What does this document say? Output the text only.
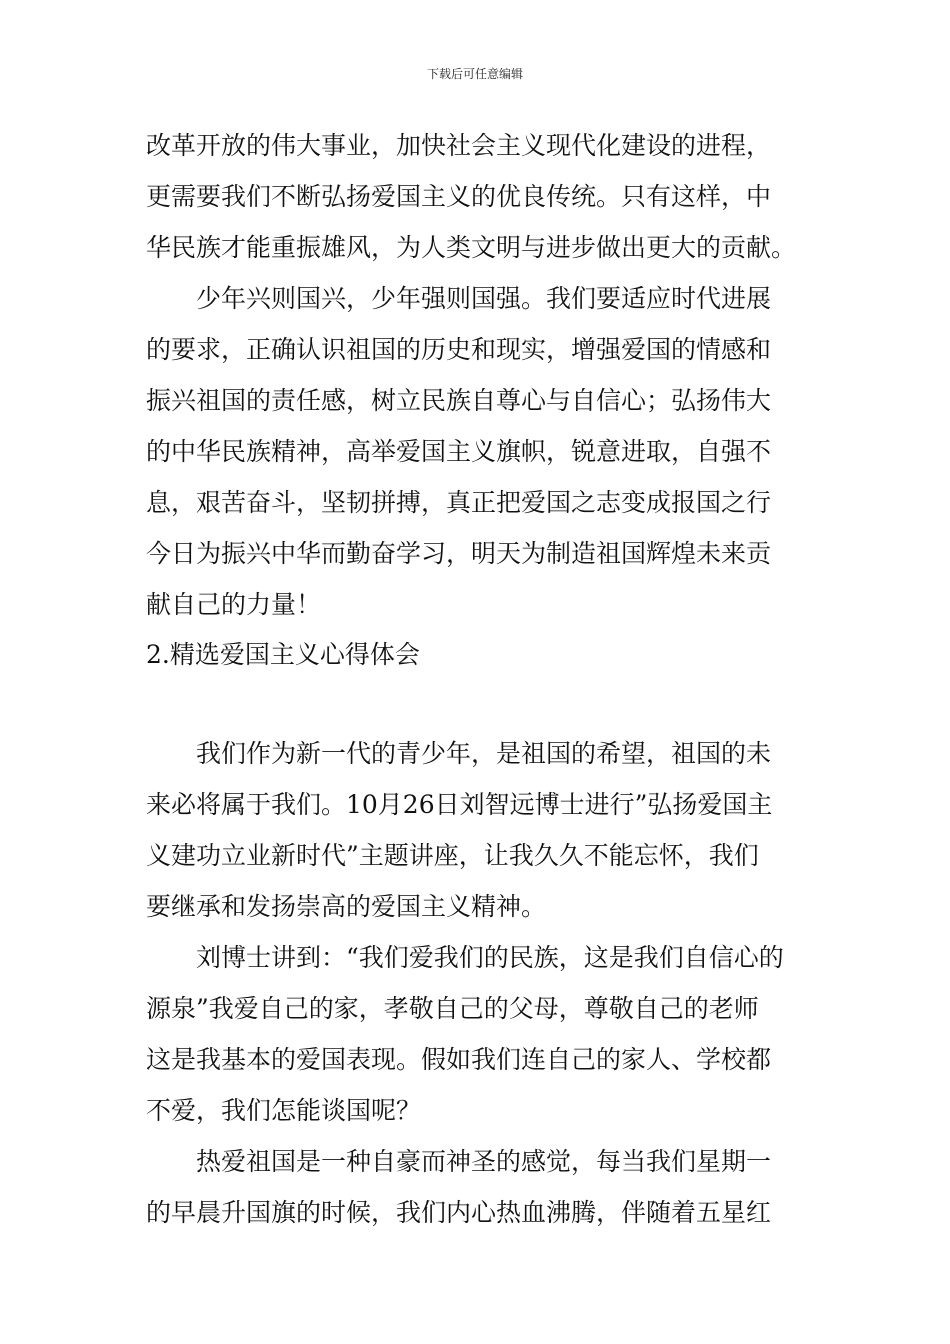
下载后可任意编辑
改革开放的伟大事业，加快社会主义现代化建设的进程，
更需要我们不断弘扬爱国主义的优良传统。只有这样，中
华民族才能重振雄风，为人类文明与进步做出更大的贡献。
少年兴则国兴，少年强则国强。我们要适应时代进展
的要求，正确认识祖国的历史和现实，增强爱国的情感和
振兴祖国的责任感，树立民族自尊心与自信心；弘扬伟大
的中华民族精神，高举爱国主义旗帜，锐意进取，自强不
息，艰苦奋斗，坚韧拼搏，真正把爱国之志变成报国之行
今日为振兴中华而勤奋学习，明天为制造祖国辉煌未来贡
献自己的力量！
2.精选爱国主义心得体会
我们作为新一代的青少年，是祖国的希望，祖国的未
来必将属于我们。10月26日刘智远博士进行”弘扬爱国主
义建功立业新时代”主题讲座，让我久久不能忘怀，我们
要继承和发扬崇高的爱国主义精神。
刘博士讲到：“我们爱我们的民族，这是我们自信心的
源泉”我爱自己的家，孝敬自己的父母，尊敬自己的老师
这是我基本的爱国表现。假如我们连自己的家人、学校都
不爱，我们怎能谈国呢？
热爱祖国是一种自豪而神圣的感觉，每当我们星期一
的早晨升国旗的时候，我们内心热血沸腾，伴随着五星红
